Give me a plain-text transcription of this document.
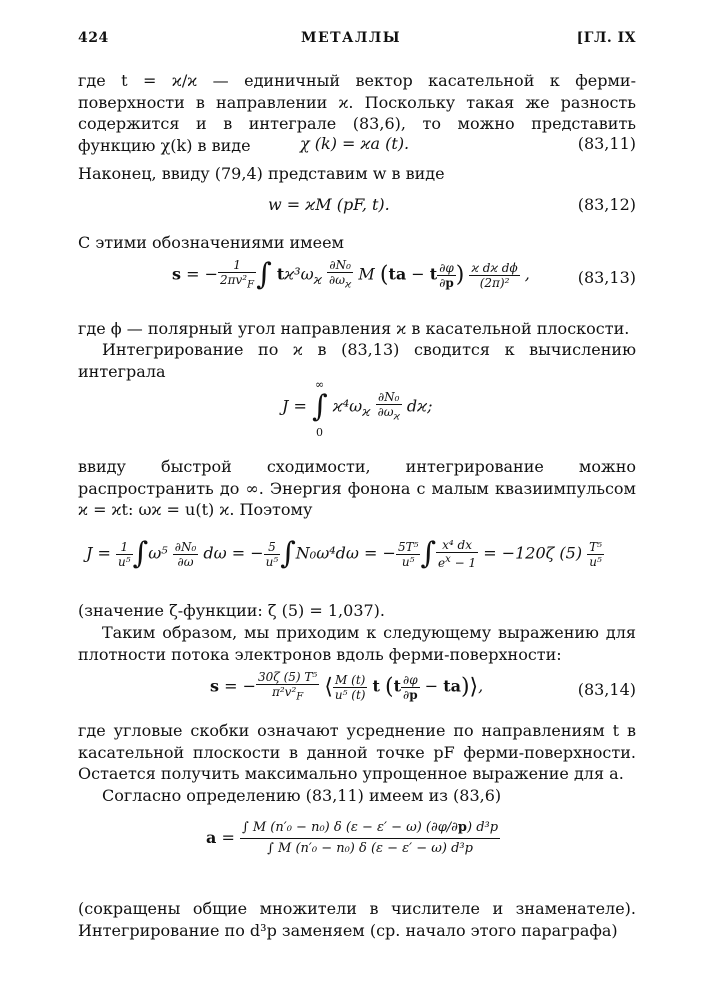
424	МЕТАЛЛЫ	[ГЛ. IX
где t = ϰ/ϰ — единичный вектор касательной к ферми-поверхности в направлении ϰ. Поскольку такая же разность содержится и в интеграле (83,6), то можно представить функцию χ(k) в виде	χ (k) = ϰa (t).	(83,11)
Наконец, ввиду (79,4) представим w в виде
w = ϰM (pF, t).	(83,12)
С этими обозначениями имеем
s = − $\frac{1}{2\pi v^2_F}$ ∫ $tϰ^3\omega_ϰ \frac{\text{∂N₀}}{\partial\omega_ϰ}$ M (ta − t $\frac{\partial\varphi}{\partial p}$ ) $\frac{\text{ϰ dϰ dϕ}}{\text{(2π)²}}$ ,	(83,13)
где ϕ — полярный угол направления ϰ в касательной плоскости.
Интегрирование по ϰ в (83,13) сводится к вычислению интеграла
J = ∫ $ϰ^4\omega_ϰ \frac{\text{∂N₀}}{\partial\omega_ϰ} dϰ$;
∞
0
ввиду быстрой сходимости, интегрирование можно распространить до ∞. Энергия фонона с малым квазиимпульсом ϰ = ϰt: ωϰ = u(t) ϰ. Поэтому
$J = \frac{1}{\text{u⁵}} \int\omega^5 \frac{\text{∂N₀}}{\partial\omega}$ dω = − $\frac{5}{\text{u⁵}} \int N_0\omega^4d\omega$ = − $\frac{\text{5T⁵}}{\text{u⁵}}$ ∫ $\frac{\text{x⁴ dx}}{e^x - 1} = -120\zeta$ $(5) \frac{\text{T⁵}}{\text{u⁵}}$
(значение ζ-функции: ζ (5) = 1,037).
Таким образом, мы приходим к следующему выражению для плотности потока электронов вдоль ферми-поверхности:
s = − $\frac{\text{30ζ (5) T⁵}}{\pi^2v^2_F}$ ⟨ $\frac{M (t)}{\text{u⁵ (t)}}$ t ($t \frac{\partial\varphi}{\partial p}$ − ta)⟩,	(83,14)
где угловые скобки означают усреднение по направлениям t в касательной плоскости в данной точке pF ферми-поверхности. Остается получить максимально упрощенное выражение для a.
Согласно определению (83,11) имеем из (83,6)
$a = \frac{\text{∫ M (n′₀ − n₀) δ (ε − ε′ − ω) (∂φ/∂p) d³p}}{\text{∫ M (n′₀ − n₀) δ (ε − ε′ − ω) d³p}}$
(сокращены общие множители в числителе и знаменателе). Интегрирование по d³p заменяем (ср. начало этого параграфа)
